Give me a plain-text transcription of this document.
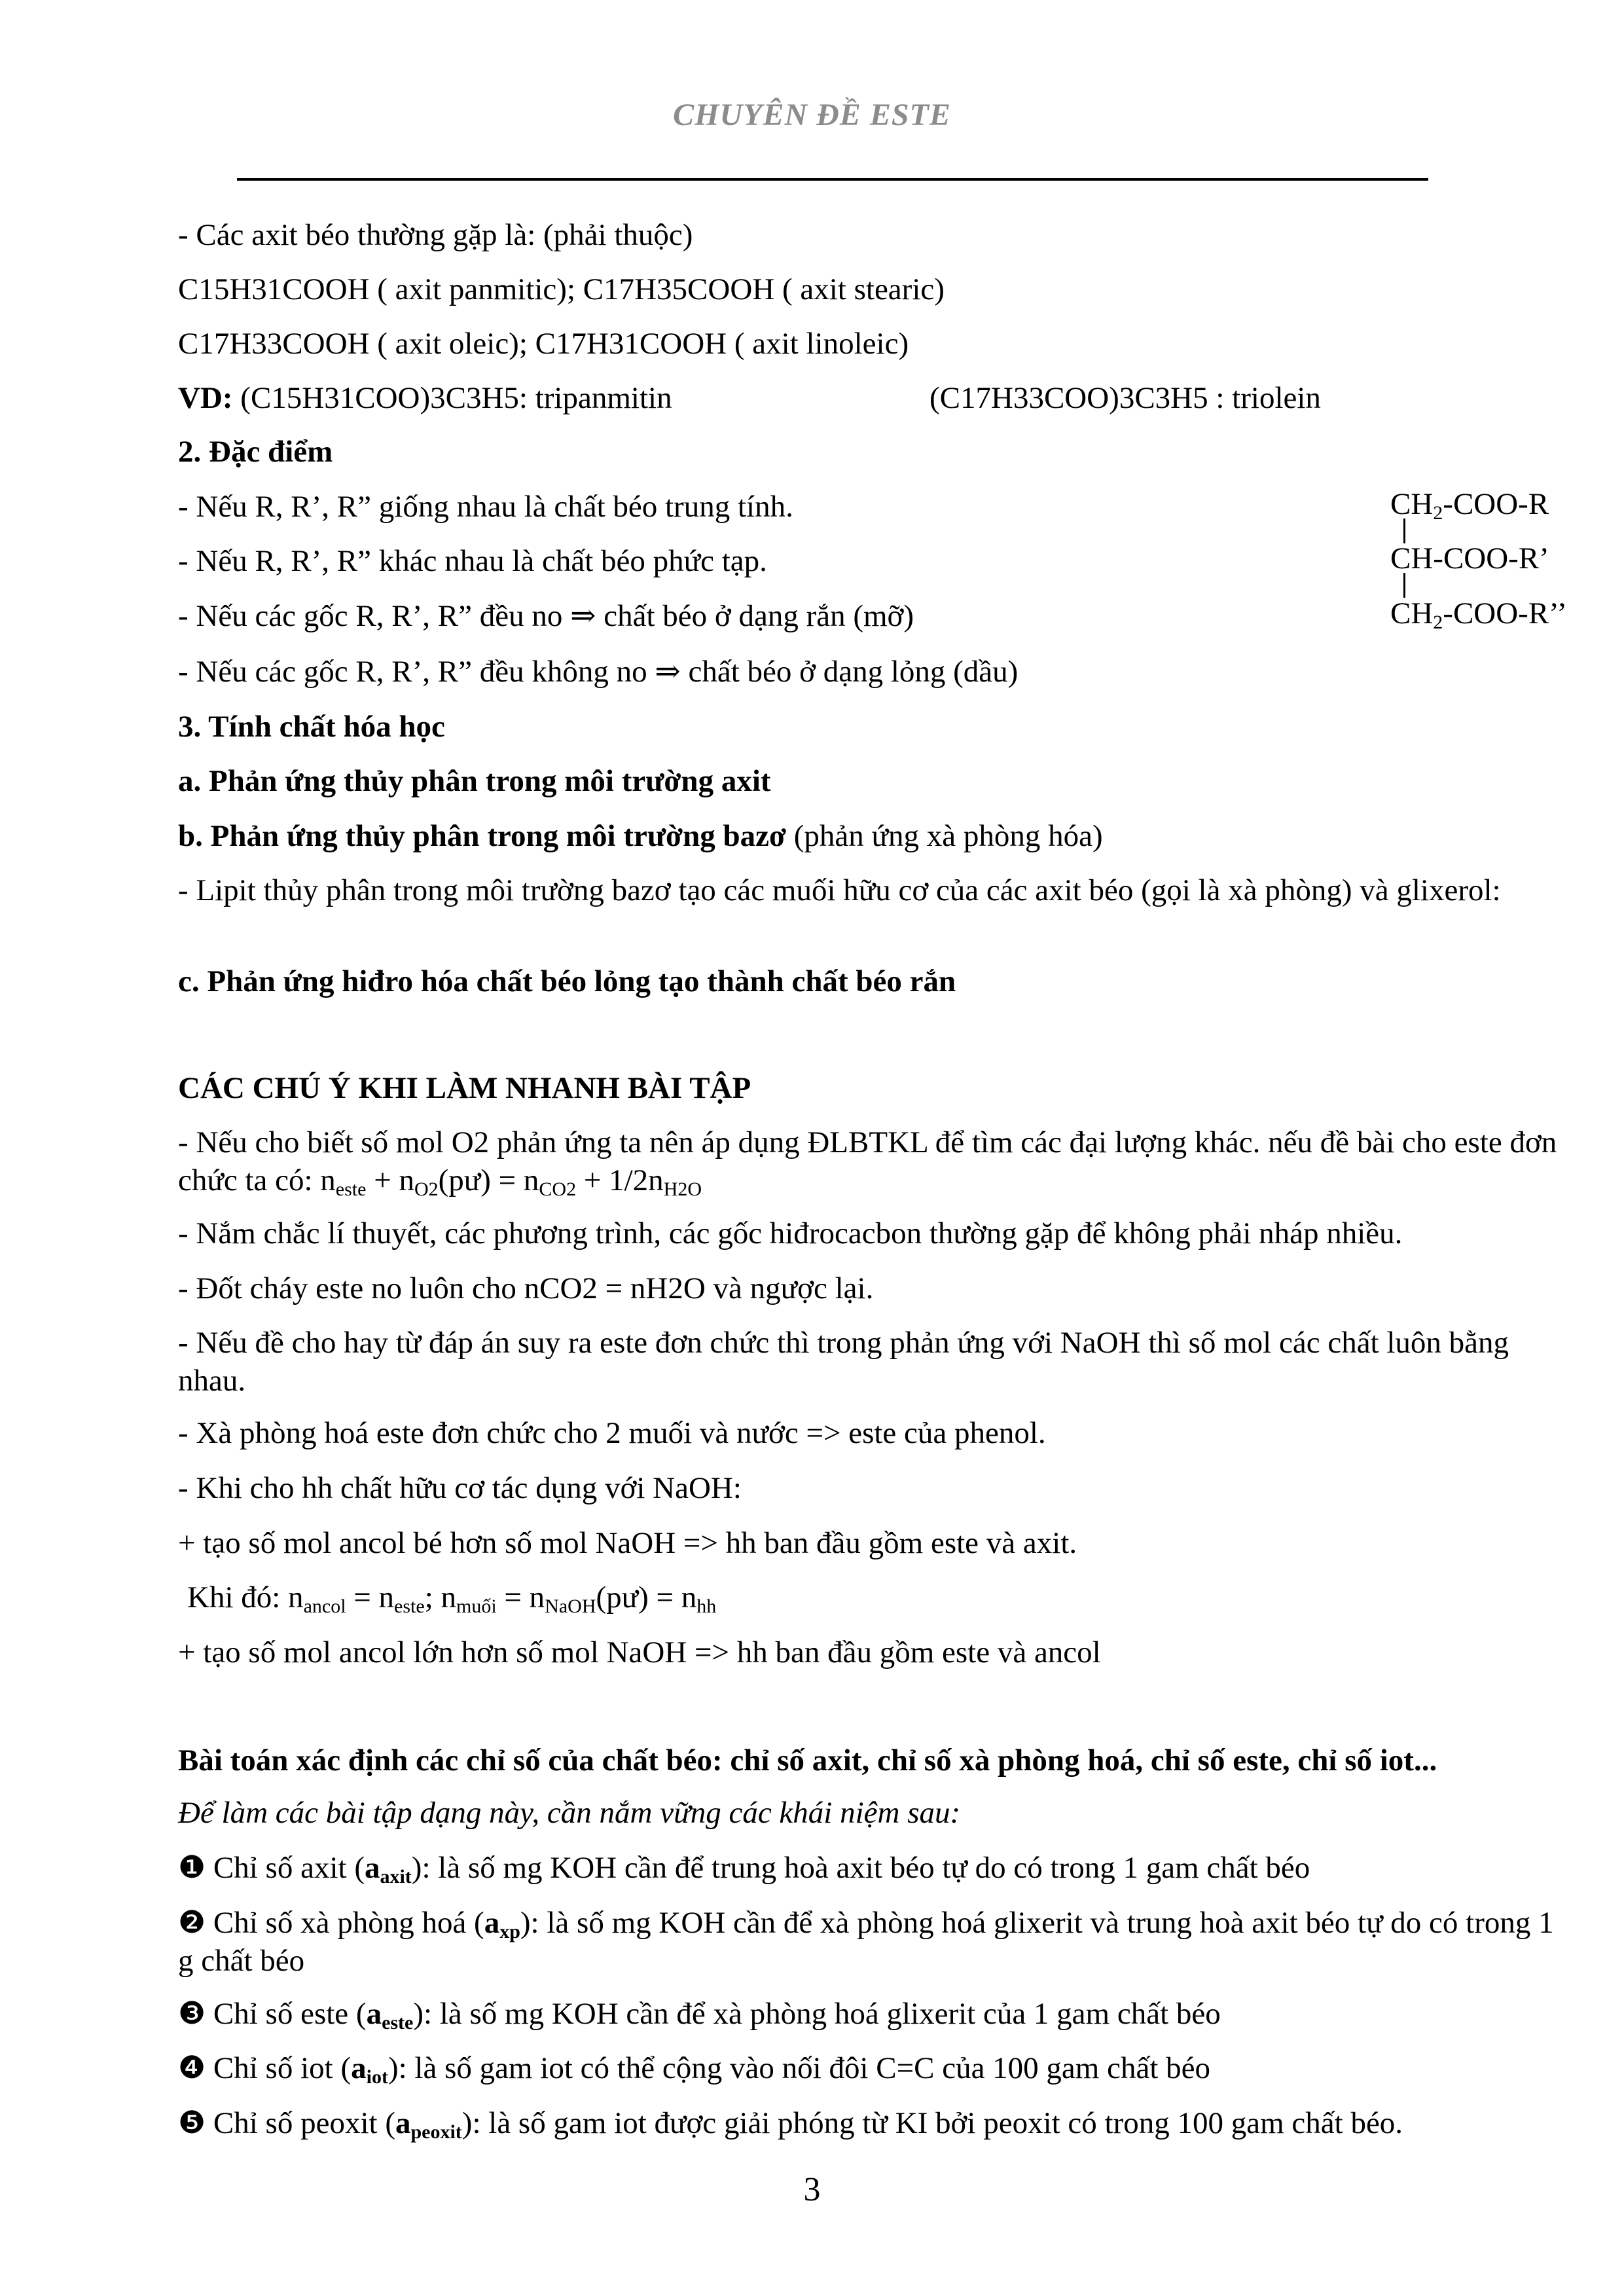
CHUYÊN ĐỀ ESTE
- Các axit béo thường gặp là: (phải thuộc)
C15H31COOH ( axit panmitic); C17H35COOH ( axit stearic)
C17H33COOH ( axit oleic); C17H31COOH ( axit linoleic)
VD: (C15H31COO)3C3H5: tripanmitin	(C17H33COO)3C3H5 : triolein
2. Đặc điểm
- Nếu R, R’, R” giống nhau là chất béo trung tính.
- Nếu R, R’, R” khác nhau là chất béo phức tạp.
- Nếu các gốc R, R’, R” đều no ⇒ chất béo ở dạng rắn (mỡ)
- Nếu các gốc R, R’, R” đều không no ⇒ chất béo ở dạng lỏng (dầu)
$CH_2-COO-R$
CH-COO-R’
$CH_2-COO-R$’’
3. Tính chất hóa học
a. Phản ứng thủy phân trong môi trường axit
b. Phản ứng thủy phân trong môi trường bazơ (phản ứng xà phòng hóa)
- Lipit thủy phân trong môi trường bazơ tạo các muối hữu cơ của các axit béo (gọi là xà phòng) và glixerol:
c. Phản ứng hiđro hóa chất béo lỏng tạo thành chất béo rắn
CÁC CHÚ Ý KHI LÀM NHANH BÀI TẬP
- Nếu cho biết số mol O2 phản ứng ta nên áp dụng ĐLBTKL để tìm các đại lượng khác. nếu đề bài cho este đơn chức ta có: $n_{este}$ + $n_{O2}(pư) = n_{CO2} + 1/2n_{H2O}$
- Nắm chắc lí thuyết, các phương trình, các gốc hiđrocacbon thường gặp để không phải nháp nhiều.
- Đốt cháy este no luôn cho nCO2 = nH2O và ngược lại.
- Nếu đề cho hay từ đáp án suy ra este đơn chức thì trong phản ứng với NaOH thì số mol các chất luôn bằng nhau.
- Xà phòng hoá este đơn chức cho 2 muối và nước => este của phenol.
- Khi cho hh chất hữu cơ tác dụng với NaOH:
+ tạo số mol ancol bé hơn số mol NaOH => hh ban đầu gồm este và axit.
Khi đó: $n_{ancol} = n_{este}$; $n_{muối}$ = $n_{NaOH}(pư) = n_{hh}$
+ tạo số mol ancol lớn hơn số mol NaOH => hh ban đầu gồm este và ancol
Bài toán xác định các chỉ số của chất béo: chỉ số axit, chỉ số xà phòng hoá, chỉ số este, chỉ số iot...
Để làm các bài tập dạng này, cần nắm vững các khái niệm sau:
❶ Chỉ số axit $(a_{axit})$: là số mg KOH cần để trung hoà axit béo tự do có trong 1 gam chất béo
❷ Chỉ số xà phòng hoá $(a_{xp})$: là số mg KOH cần để xà phòng hoá glixerit và trung hoà axit béo tự do có trong 1 g chất béo
❸ Chỉ số este $(a_{este})$: là số mg KOH cần để xà phòng hoá glixerit của 1 gam chất béo
❹ Chỉ số iot $(a_{iot})$: là số gam iot có thể cộng vào nối đôi C=C của 100 gam chất béo
❺ Chỉ số peoxit $(a_{peoxit})$: là số gam iot được giải phóng từ KI bởi peoxit có trong 100 gam chất béo.
3
